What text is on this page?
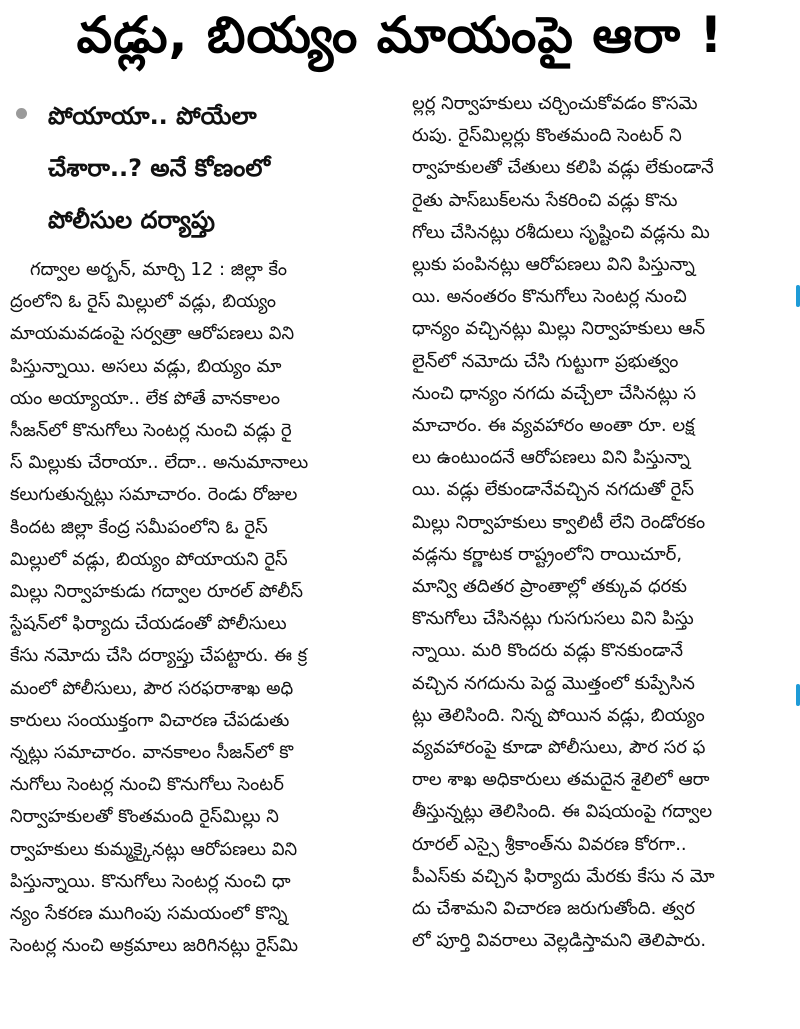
వడ్లు, బియ్యం మాయంపై ఆరా !
పోయాయా.. పోయేలా
చేశారా..? అనే కోణంలో
పోలీసుల దర్యాప్తు
గద్వాల అర్బన్, మార్చి 12 : జిల్లా కేం
ద్రంలోని ఓ రైస్ మిల్లులో వడ్లు, బియ్యం
మాయమవడంపై సర్వత్రా ఆరోపణలు విని
పిస్తున్నాయి. అసలు వడ్లు, బియ్యం మా
యం అయ్యాయా.. లేక పోతే వానకాలం
సీజన్‌లో కొనుగోలు సెంటర్ల నుంచి వడ్లు రై
స్ మిల్లుకు చేరాయా.. లేదా.. అనుమానాలు
కలుగుతున్నట్లు సమాచారం. రెండు రోజుల
కిందట జిల్లా కేంద్ర సమీపంలోని ఓ రైస్
మిల్లులో వడ్లు, బియ్యం పోయాయని రైస్
మిల్లు నిర్వాహకుడు గద్వాల రూరల్ పోలీస్
స్టేషన్‌లో ఫిర్యాదు చేయడంతో పోలీసులు
కేసు నమోదు చేసి దర్యాప్తు చేపట్టారు. ఈ క్ర
మంలో పోలీసులు, పౌర సరఫరాశాఖ అధి
కారులు సంయుక్తంగా విచారణ చేపడుతు
న్నట్లు సమాచారం. వానకాలం సీజన్‌లో కొ
నుగోలు సెంటర్ల నుంచి కొనుగోలు సెంటర్
నిర్వాహకులతో కొంతమంది రైస్‌మిల్లు ని
ర్వాహకులు కుమ్మక్కైనట్లు ఆరోపణలు విని
పిస్తున్నాయి. కొనుగోలు సెంటర్ల నుంచి ధా
న్యం సేకరణ ముగింపు సమయంలో కొన్ని
సెంటర్ల నుంచి అక్రమాలు జరిగినట్లు రైస్‌మి
ల్లర్ల నిర్వాహకులు చర్చించుకోవడం కొసమె
రుపు. రైస్‌మిల్లర్లు కొంతమంది సెంటర్ ని
ర్వాహకులతో చేతులు కలిపి వడ్లు లేకుండానే
రైతు పాస్‌బుక్‌లను సేకరించి వడ్లు కొను
గోలు చేసినట్లు రశీదులు సృష్టించి వడ్లను మి
ల్లుకు పంపినట్లు ఆరోపణలు విని పిస్తున్నా
యి. అనంతరం కొనుగోలు సెంటర్ల నుంచి
ధాన్యం వచ్చినట్లు మిల్లు నిర్వాహకులు ఆన్
లైన్‌లో నమోదు చేసి గుట్టుగా ప్రభుత్వం
నుంచి ధాన్యం నగదు వచ్చేలా చేసినట్లు స
మాచారం. ఈ వ్యవహారం అంతా రూ. లక్ష
లు ఉంటుందనే ఆరోపణలు విని పిస్తున్నా
యి. వడ్లు లేకుండానేవచ్చిన నగదుతో రైస్
మిల్లు నిర్వాహకులు క్వాలిటీ లేని రెండోరకం
వడ్లను కర్ణాటక రాష్ట్రంలోని రాయిచూర్,
మాన్వి తదితర ప్రాంతాల్లో తక్కువ ధరకు
కొనుగోలు చేసినట్లు గుసగుసలు విని పిస్తు
న్నాయి. మరి కొందరు వడ్లు కొనకుండానే
వచ్చిన నగదును పెద్ద మొత్తంలో కుప్పేసిన
ట్లు తెలిసింది. నిన్న పోయిన వడ్లు, బియ్యం
వ్యవహారంపై కూడా పోలీసులు, పౌర సర ఫ
రాల శాఖ అధికారులు తమదైన శైలిలో ఆరా
తీస్తున్నట్లు తెలిసింది. ఈ విషయంపై గద్వాల
రూరల్ ఎస్సై శ్రీకాంత్‌ను వివరణ కోరగా..
పీఎస్‌కు వచ్చిన ఫిర్యాదు మేరకు కేసు న మో
దు చేశామని విచారణ జరుగుతోంది. త్వర
లో పూర్తి వివరాలు వెల్లడిస్తామని తెలిపారు.
